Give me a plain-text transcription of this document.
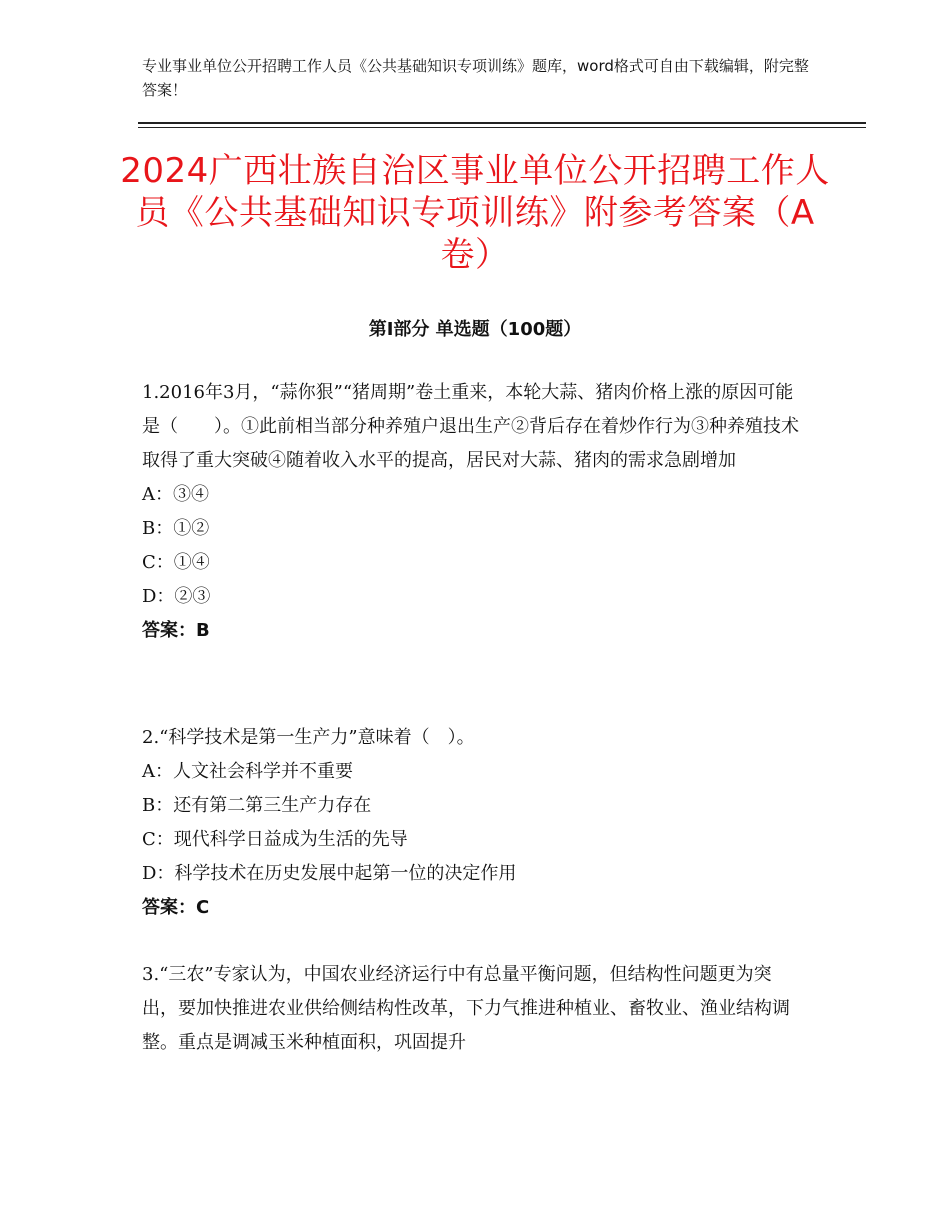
专业事业单位公开招聘工作人员《公共基础知识专项训练》题库，word格式可自由下载编辑，附完整答案！
2024广西壮族自治区事业单位公开招聘工作人员《公共基础知识专项训练》附参考答案（A卷）
第Ⅰ部分 单选题（100题）

1.2016年3月，“蒜你狠”“猪周期”卷土重来，本轮大蒜、猪肉价格上涨的原因可能是（　　）。①此前相当部分种养殖户退出生产②背后存在着炒作行为③种养殖技术取得了重大突破④随着收入水平的提高，居民对大蒜、猪肉的需求急剧增加

A：③④

B：①②

C：①④

D：②③

答案：B

2.“科学技术是第一生产力”意味着（　）。

A：人文社会科学并不重要

B：还有第二第三生产力存在

C：现代科学日益成为生活的先导

D：科学技术在历史发展中起第一位的决定作用

答案：C

3.“三农”专家认为，中国农业经济运行中有总量平衡问题，但结构性问题更为突出，要加快推进农业供给侧结构性改革，下力气推进种植业、畜牧业、渔业结构调整。重点是调减玉米种植面积，巩固提升
